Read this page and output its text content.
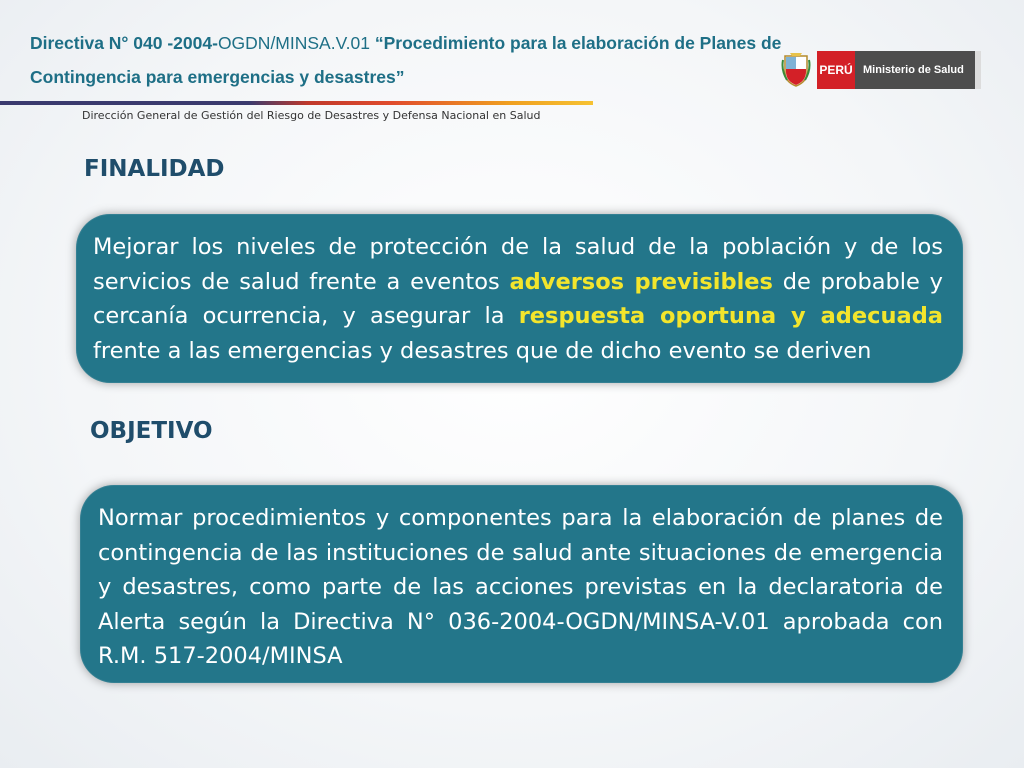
Directiva N° 040 -2004-OGDN/MINSA.V.01 “Procedimiento para la elaboración de Planes de Contingencia para emergencias y desastres”
Dirección General de Gestión del Riesgo de Desastres y Defensa Nacional en Salud
PERÚ Ministerio de Salud
FINALIDAD

Mejorar los niveles de protección de la salud de la población y de los servicios de salud frente a eventos adversos previsibles de probable y cercanía ocurrencia, y asegurar la respuesta oportuna y adecuada frente a las emergencias y desastres que de dicho evento se deriven

OBJETIVO

Normar procedimientos y componentes para la elaboración de planes de contingencia de las instituciones de salud ante situaciones de emergencia y desastres, como parte de las acciones previstas en la declaratoria de Alerta según la Directiva N° 036-2004-OGDN/MINSA-V.01 aprobada con R.M. 517-2004/MINSA
